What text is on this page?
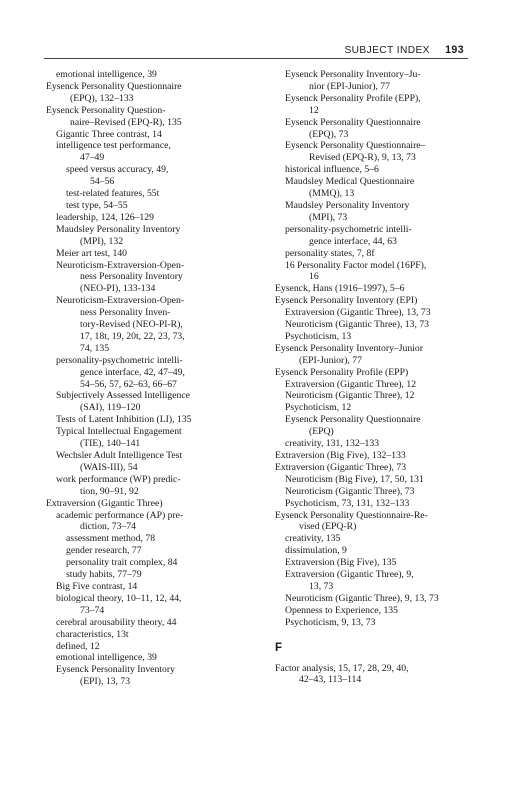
SUBJECT INDEX 193
emotional intelligence, 39
Eysenck Personality Questionnaire
(EPQ), 132–133
Eysenck Personality Question-
naire–Revised (EPQ-R), 135
Gigantic Three contrast, 14
intelligence test performance,
47–49
speed versus accuracy, 49,
54–56
test-related features, 55t
test type, 54–55
leadership, 124, 126–129
Maudsley Personality Inventory
(MPI), 132
Meier art test, 140
Neuroticism-Extraversion-Open-
ness Personality Inventory
(NEO-PI), 133-134
Neuroticism-Extraversion-Open-
ness Personality Inven-
tory-Revised (NEO-PI-R),
17, 18t, 19, 20t, 22, 23, 73,
74, 135
personality-psychometric intelli-
gence interface, 42, 47–49,
54–56, 57, 62–63, 66–67
Subjectively Assessed Intelligence
(SAI), 119–120
Tests of Latent Inhibition (LI), 135
Typical Intellectual Engagement
(TIE), 140–141
Wechsler Adult Intelligence Test
(WAIS-III), 54
work performance (WP) predic-
tion, 90–91, 92
Extraversion (Gigantic Three)
academic performance (AP) pre-
diction, 73–74
assessment method, 78
gender research, 77
personality trait complex, 84
study habits, 77–79
Big Five contrast, 14
biological theory, 10–11, 12, 44,
73–74
cerebral arousability theory, 44
characteristics, 13t
defined, 12
emotional intelligence, 39
Eysenck Personality Inventory
(EPI), 13, 73
Eysenck Personality Inventory–Ju-
nior (EPI-Junior), 77
Eysenck Personality Profile (EPP),
12
Eysenck Personality Questionnaire
(EPQ), 73
Eysenck Personality Questionnaire–
Revised (EPQ-R), 9, 13, 73
historical influence, 5–6
Maudsley Medical Questionnaire
(MMQ), 13
Maudsley Personality Inventory
(MPI), 73
personality-psychometric intelli-
gence interface, 44, 63
personality states, 7, 8f
16 Personality Factor model (16PF),
16
Eysenck, Hans (1916–1997), 5–6
Eysenck Personality Inventory (EPI)
Extraversion (Gigantic Three), 13, 73
Neuroticism (Gigantic Three), 13, 73
Psychoticism, 13
Eysenck Personality Inventory–Junior
(EPI-Junior), 77
Eysenck Personality Profile (EPP)
Extraversion (Gigantic Three), 12
Neuroticism (Gigantic Three), 12
Psychoticism, 12
Eysenck Personality Questionnaire
(EPQ)
creativity, 131, 132–133
Extraversion (Big Five), 132–133
Extraversion (Gigantic Three), 73
Neuroticism (Big Five), 17, 50, 131
Neuroticism (Gigantic Three), 73
Psychoticism, 73, 131, 132–133
Eysenck Personality Questionnaire-Re-
vised (EPQ-R)
creativity, 135
dissimulation, 9
Extraversion (Big Five), 135
Extraversion (Gigantic Three), 9,
13, 73
Neuroticism (Gigantic Three), 9, 13, 73
Openness to Experience, 135
Psychoticism, 9, 13, 73
F
Factor analysis, 15, 17, 28, 29, 40,
42–43, 113–114
